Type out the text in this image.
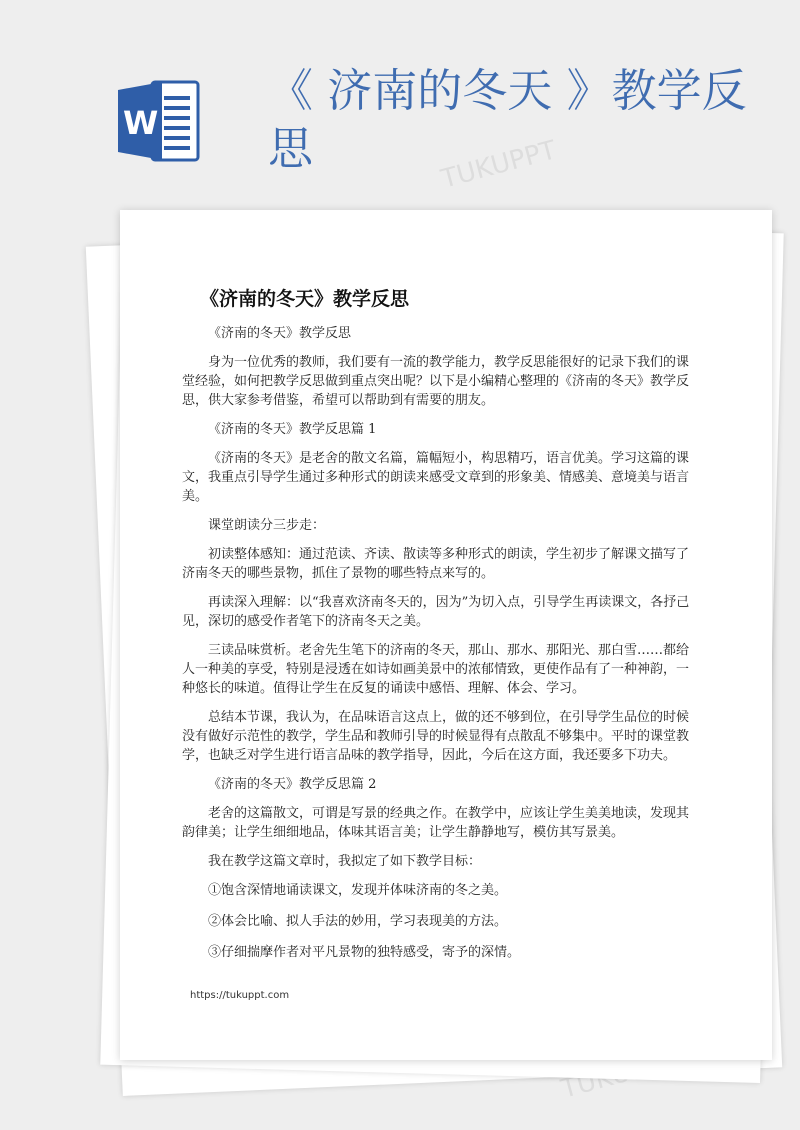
W
《 济南的冬天 》教学反思	TUKUPPT
《济南的冬天》教学反思

《济南的冬天》教学反思

身为一位优秀的教师，我们要有一流的教学能力，教学反思能很好的记录下我们的课堂经验，如何把教学反思做到重点突出呢？以下是小编精心整理的《济南的冬天》教学反思，供大家参考借鉴，希望可以帮助到有需要的朋友。

《济南的冬天》教学反思篇 1

《济南的冬天》是老舍的散文名篇，篇幅短小，构思精巧，语言优美。学习这篇的课文，我重点引导学生通过多种形式的朗读来感受文章到的形象美、情感美、意境美与语言美。

课堂朗读分三步走：

初读整体感知：通过范读、齐读、散读等多种形式的朗读，学生初步了解课文描写了济南冬天的哪些景物，抓住了景物的哪些特点来写的。

再读深入理解：以“我喜欢济南冬天的，因为”为切入点，引导学生再读课文，各抒己见，深切的感受作者笔下的济南冬天之美。

三读品味赏析。老舍先生笔下的济南的冬天，那山、那水、那阳光、那白雪……都给人一种美的享受，特别是浸透在如诗如画美景中的浓郁情致，更使作品有了一种神韵，一种悠长的味道。值得让学生在反复的诵读中感悟、理解、体会、学习。

总结本节课，我认为，在品味语言这点上，做的还不够到位，在引导学生品位的时候没有做好示范性的教学，学生品和教师引导的时候显得有点散乱不够集中。平时的课堂教学，也缺乏对学生进行语言品味的教学指导，因此，今后在这方面，我还要多下功夫。

《济南的冬天》教学反思篇 2

老舍的这篇散文，可谓是写景的经典之作。在教学中，应该让学生美美地读，发现其韵律美；让学生细细地品，体味其语言美；让学生静静地写，模仿其写景美。

我在教学这篇文章时，我拟定了如下教学目标：

①饱含深情地诵读课文，发现并体味济南的冬之美。

②体会比喻、拟人手法的妙用，学习表现美的方法。

③仔细揣摩作者对平凡景物的独特感受，寄予的深情。

https://tukuppt.com
